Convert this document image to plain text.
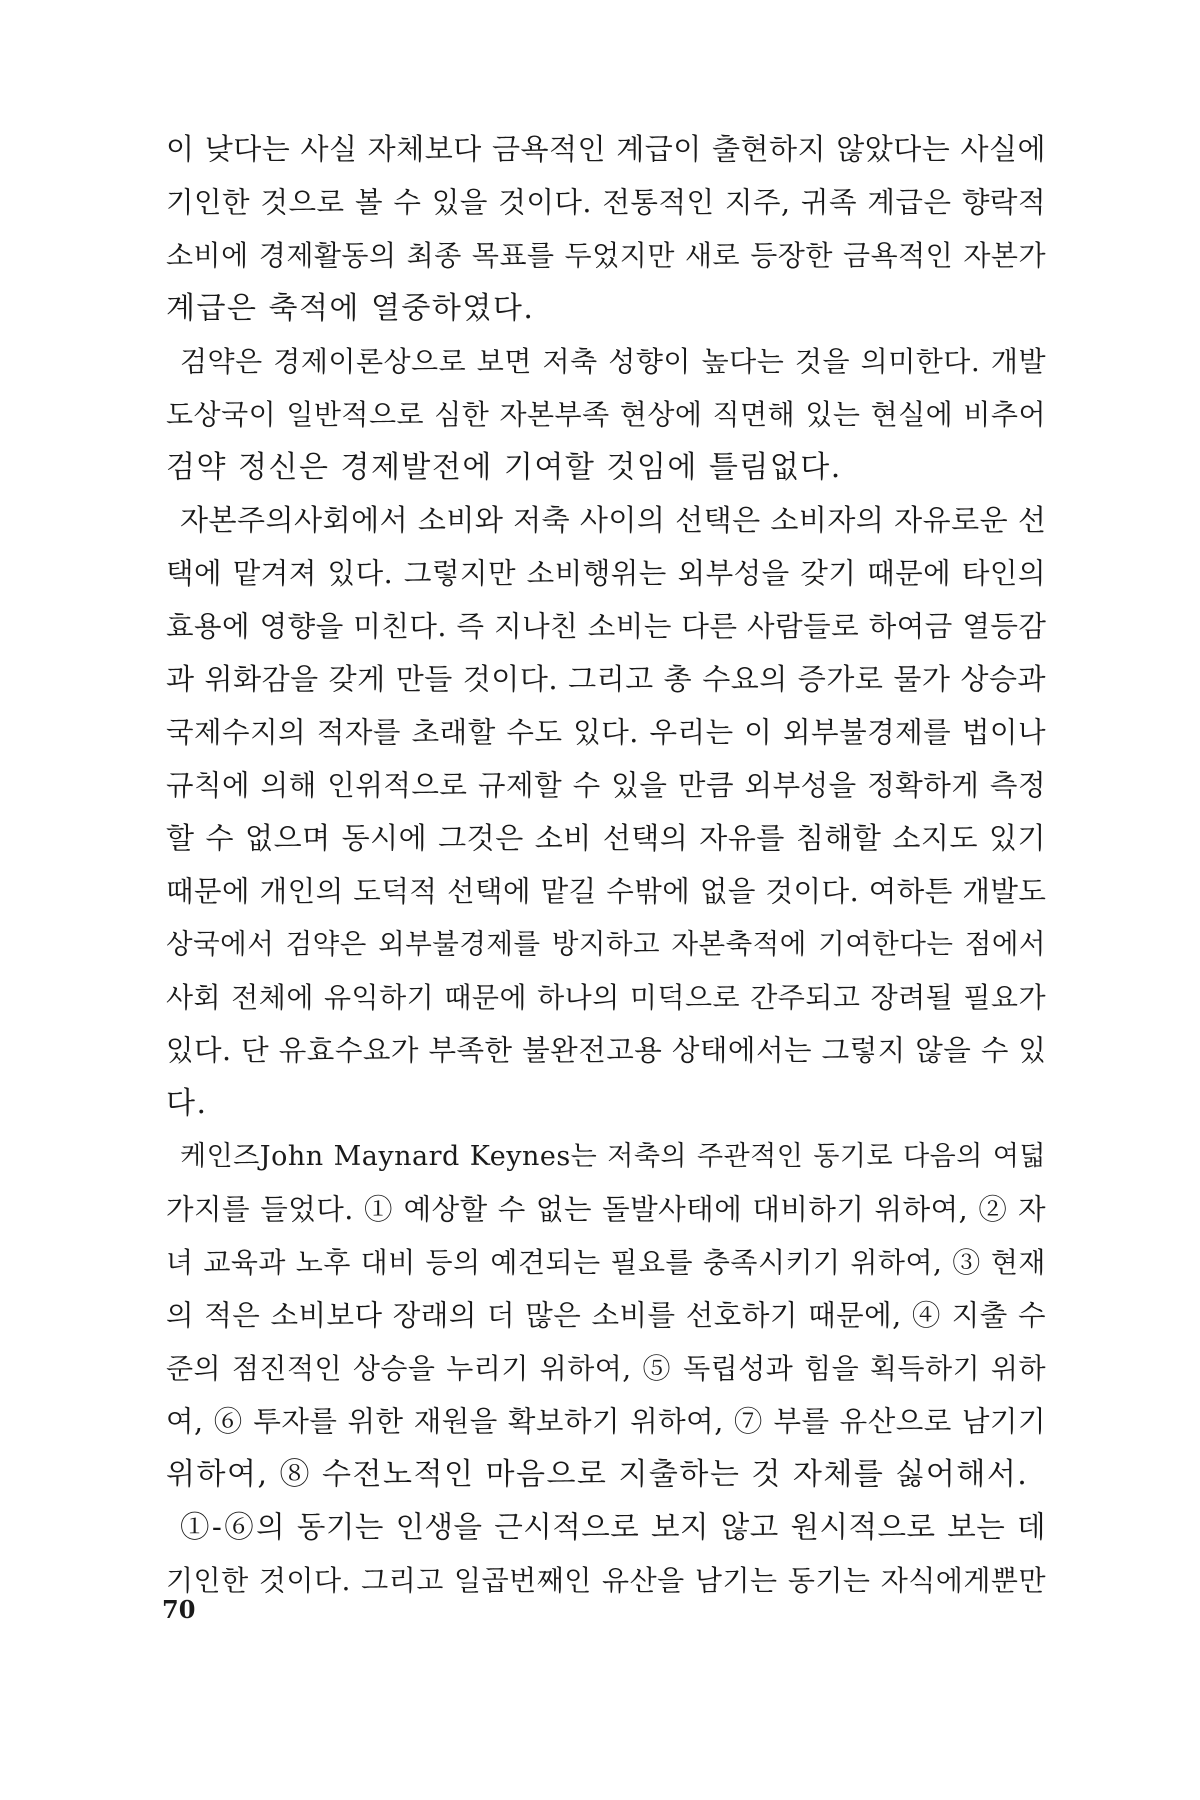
이 낮다는 사실 자체보다 금욕적인 계급이 출현하지 않았다는 사실에
기인한 것으로 볼 수 있을 것이다. 전통적인 지주, 귀족 계급은 향락적
소비에 경제활동의 최종 목표를 두었지만 새로 등장한 금욕적인 자본가
계급은 축적에 열중하였다.
검약은 경제이론상으로 보면 저축 성향이 높다는 것을 의미한다. 개발
도상국이 일반적으로 심한 자본부족 현상에 직면해 있는 현실에 비추어
검약 정신은 경제발전에 기여할 것임에 틀림없다.
자본주의사회에서 소비와 저축 사이의 선택은 소비자의 자유로운 선
택에 맡겨져 있다. 그렇지만 소비행위는 외부성을 갖기 때문에 타인의
효용에 영향을 미친다. 즉 지나친 소비는 다른 사람들로 하여금 열등감
과 위화감을 갖게 만들 것이다. 그리고 총 수요의 증가로 물가 상승과
국제수지의 적자를 초래할 수도 있다. 우리는 이 외부불경제를 법이나
규칙에 의해 인위적으로 규제할 수 있을 만큼 외부성을 정확하게 측정
할 수 없으며 동시에 그것은 소비 선택의 자유를 침해할 소지도 있기
때문에 개인의 도덕적 선택에 맡길 수밖에 없을 것이다. 여하튼 개발도
상국에서 검약은 외부불경제를 방지하고 자본축적에 기여한다는 점에서
사회 전체에 유익하기 때문에 하나의 미덕으로 간주되고 장려될 필요가
있다. 단 유효수요가 부족한 불완전고용 상태에서는 그렇지 않을 수 있
다.
케인즈John Maynard Keynes는 저축의 주관적인 동기로 다음의 여덟
가지를 들었다. ① 예상할 수 없는 돌발사태에 대비하기 위하여, ② 자
녀 교육과 노후 대비 등의 예견되는 필요를 충족시키기 위하여, ③ 현재
의 적은 소비보다 장래의 더 많은 소비를 선호하기 때문에, ④ 지출 수
준의 점진적인 상승을 누리기 위하여, ⑤ 독립성과 힘을 획득하기 위하
여, ⑥ 투자를 위한 재원을 확보하기 위하여, ⑦ 부를 유산으로 남기기
위하여, ⑧ 수전노적인 마음으로 지출하는 것 자체를 싫어해서.
①-⑥의 동기는 인생을 근시적으로 보지 않고 원시적으로 보는 데
기인한 것이다. 그리고 일곱번째인 유산을 남기는 동기는 자식에게뿐만
70
